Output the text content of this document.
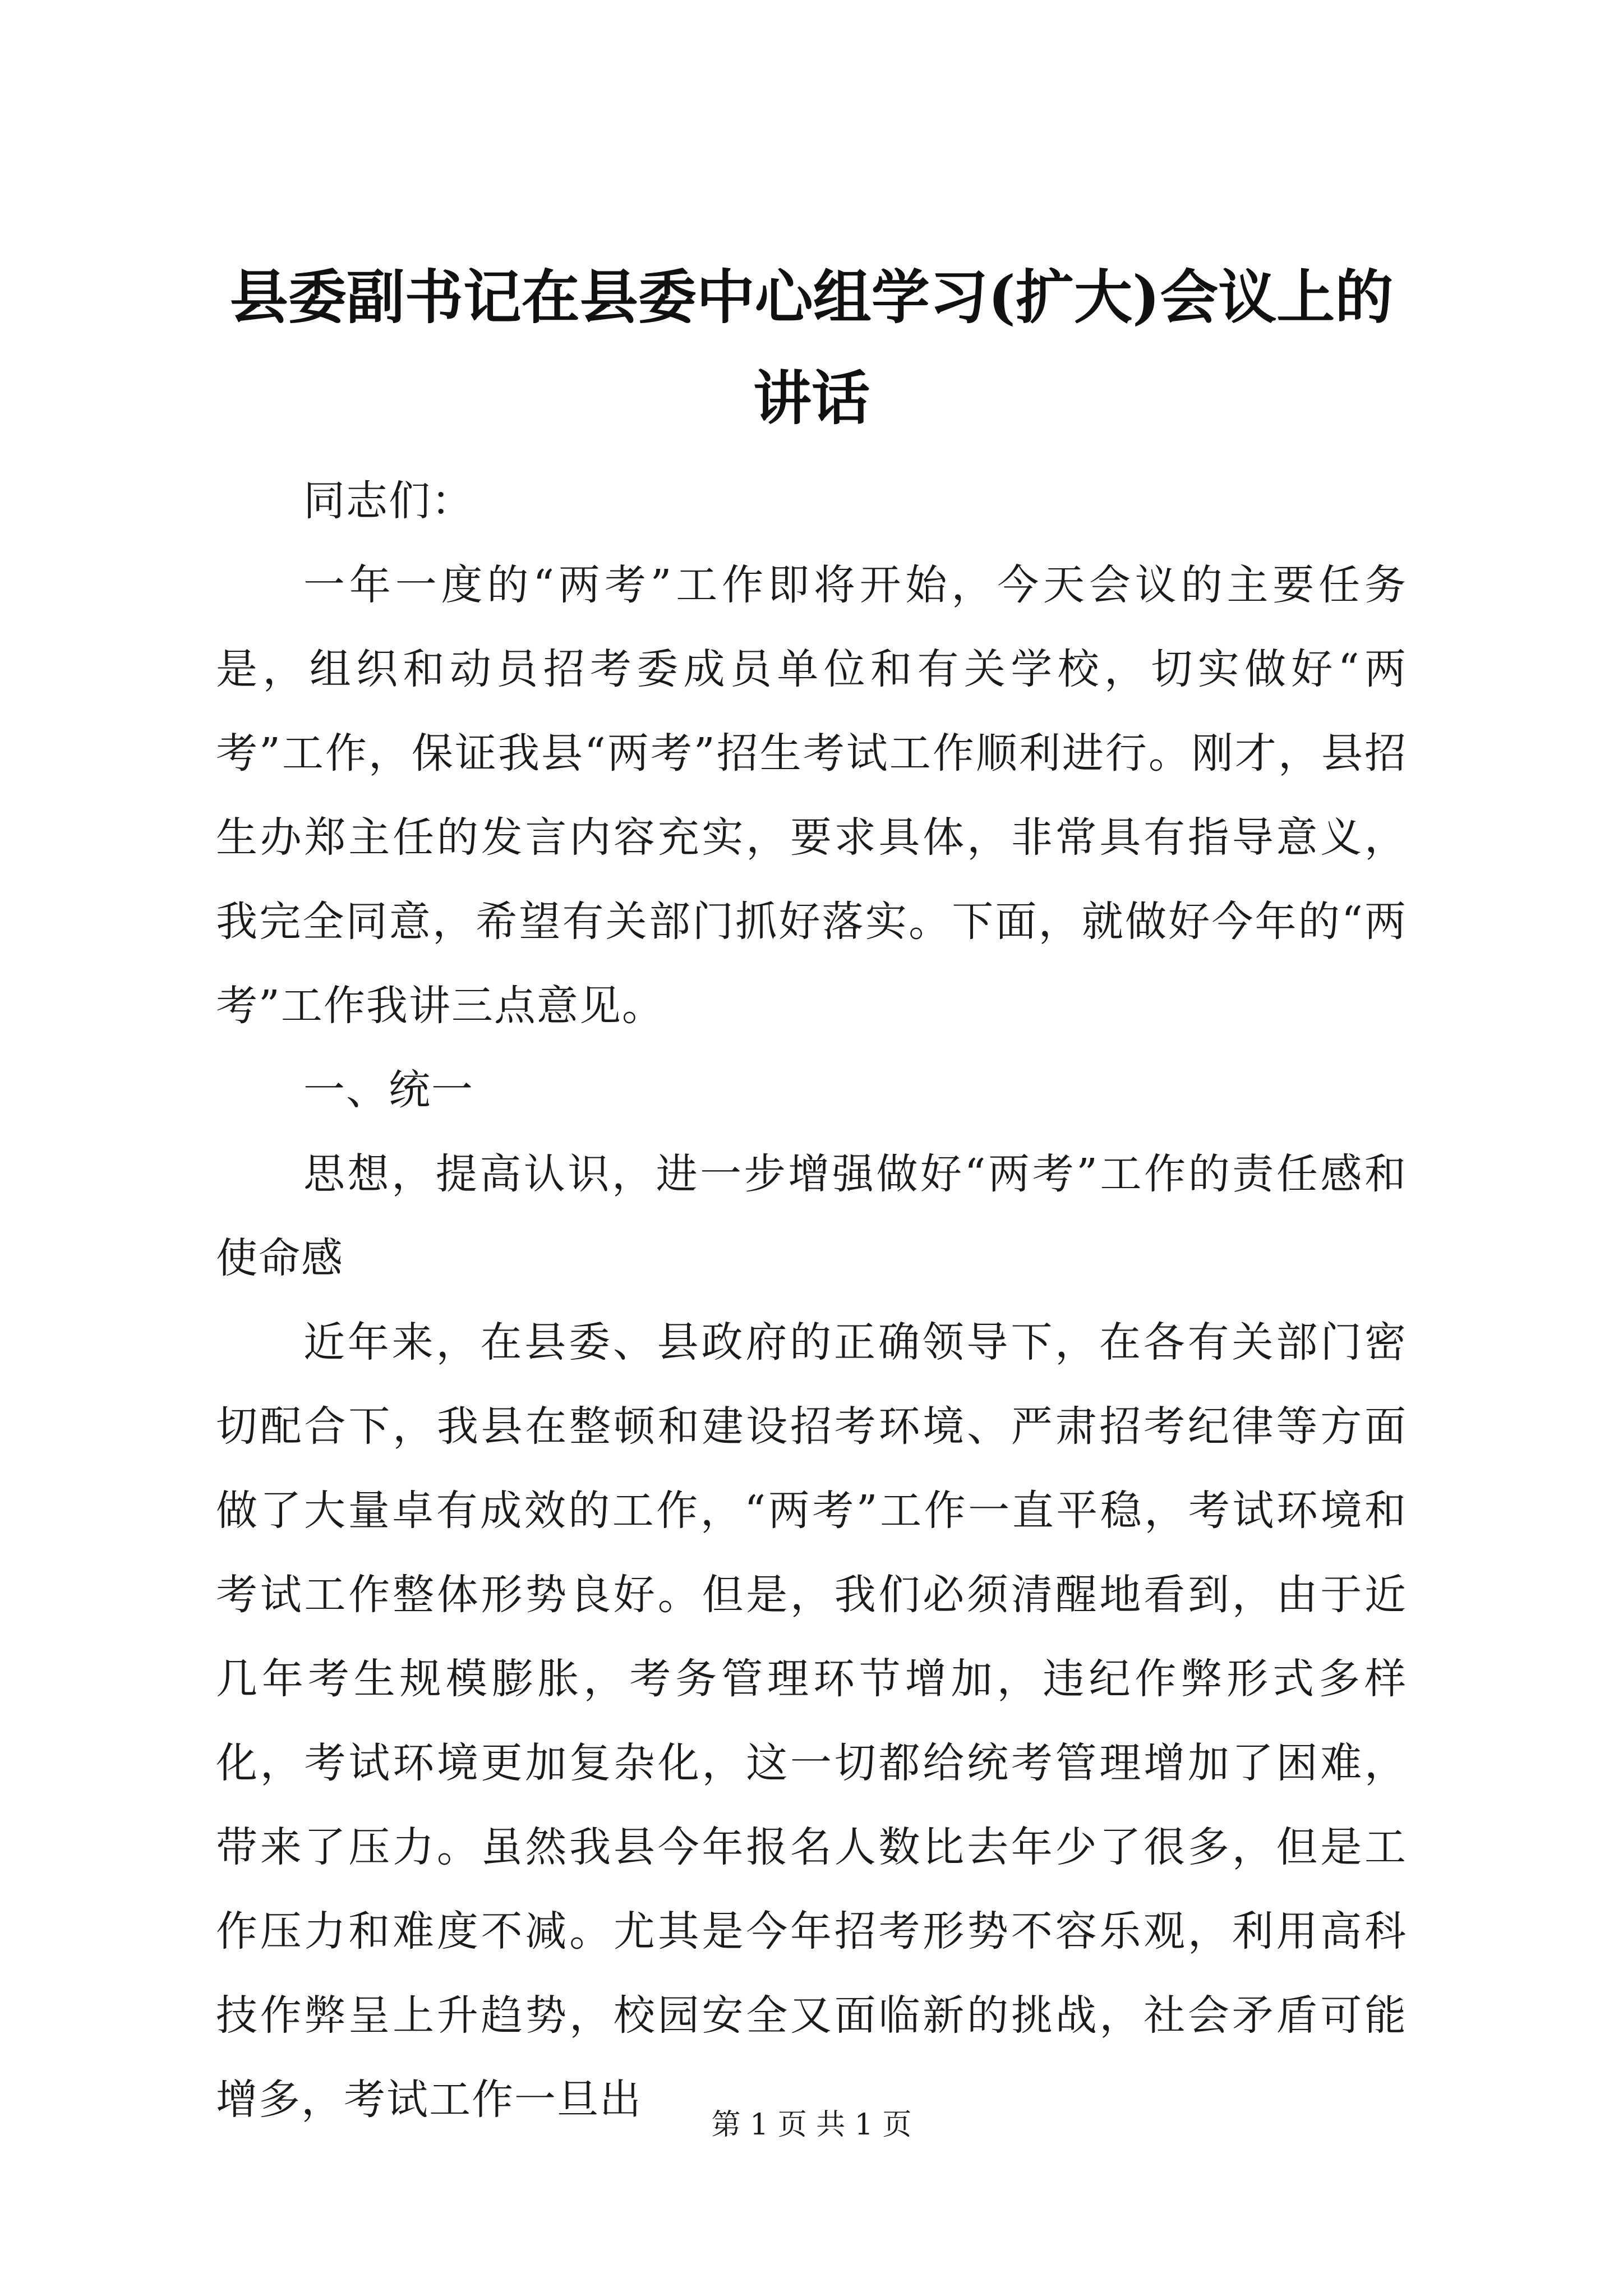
县委副书记在县委中心组学习(扩大)会议上的讲话

同志们：

一年一度的“两考”工作即将开始，今天会议的主要任务是，组织和动员招考委成员单位和有关学校，切实做好“两考”工作，保证我县“两考”招生考试工作顺利进行。刚才，县招生办郑主任的发言内容充实，要求具体，非常具有指导意义，我完全同意，希望有关部门抓好落实。下面，就做好今年的“两考”工作我讲三点意见。

一、统一

思想，提高认识，进一步增强做好“两考”工作的责任感和使命感

近年来，在县委、县政府的正确领导下，在各有关部门密切配合下，我县在整顿和建设招考环境、严肃招考纪律等方面做了大量卓有成效的工作，“两考”工作一直平稳，考试环境和考试工作整体形势良好。但是，我们必须清醒地看到，由于近几年考生规模膨胀，考务管理环节增加，违纪作弊形式多样化，考试环境更加复杂化，这一切都给统考管理增加了困难，带来了压力。虽然我县今年报名人数比去年少了很多，但是工作压力和难度不减。尤其是今年招考形势不容乐观，利用高科技作弊呈上升趋势，校园安全又面临新的挑战，社会矛盾可能增多，考试工作一旦出

第 1 页 共 1 页
